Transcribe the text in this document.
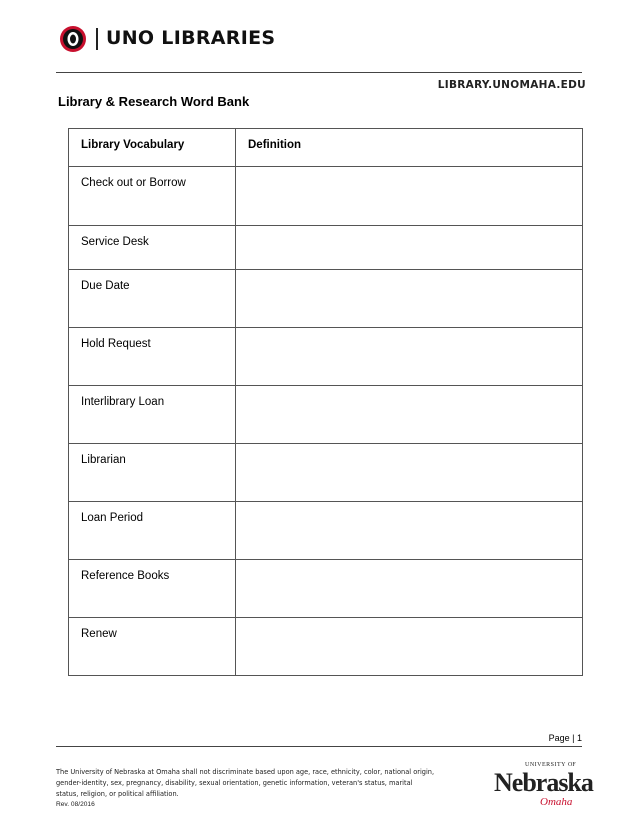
UNO LIBRARIES
LIBRARY.UNOMAHA.EDU
Library & Research Word Bank
Library Vocabulary	Definition
Check out or Borrow	
Service Desk	
Due Date	
Hold Request	
Interlibrary Loan	
Librarian	
Loan Period	
Reference Books	
Renew	
Page | 1
The University of Nebraska at Omaha shall not discriminate based upon age, race, ethnicity, color, national origin, gender-identity, sex, pregnancy, disability, sexual orientation, genetic information, veteran's status, marital status, religion, or political affiliation.
Rev. 08/2016
UNIVERSITY OF
Nebraska
Omaha
